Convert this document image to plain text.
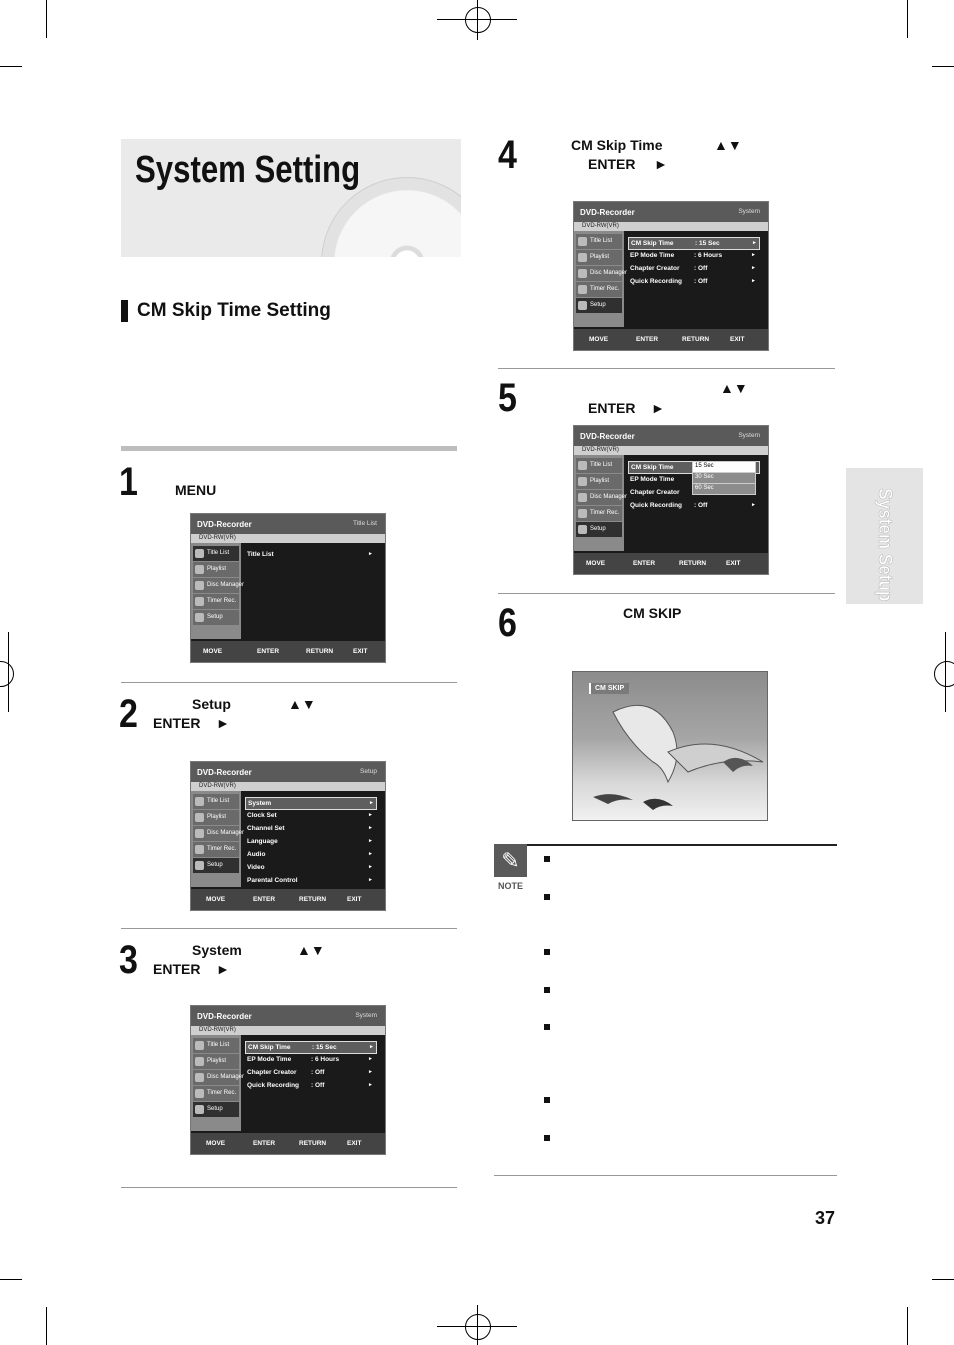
System Setting
CM Skip Time Setting
1	MENU
DVD-Recorder	Title List
DVD-RW(VR)
Title List
Playlist
Disc Manager
Timer Rec.
Setup
Title List	►
MOVE	ENTER	RETURN	EXIT
2	Setup	▲▼
ENTER ►
DVD-Recorder	Setup
DVD-RW(VR)
Title List
Playlist
Disc Manager
Timer Rec.
Setup
System	►
Clock Set	►
Channel Set	►
Language	►
Audio	►
Video	►
Parental Control	►
MOVE	ENTER	RETURN	EXIT
3	System	▲▼
ENTER ►
DVD-Recorder	System
DVD-RW(VR)
Title List
Playlist
Disc Manager
Timer Rec.
Setup
CM Skip Time	: 15 Sec	►
EP Mode Time	: 6 Hours	►
Chapter Creator : Off	►
Quick Recording : Off	►
MOVE	ENTER	RETURN	EXIT
4	CM Skip Time	▲▼
ENTER ►
DVD-Recorder	System
DVD-RW(VR)
Title List
Playlist
Disc Manager
Timer Rec.
Setup
CM Skip Time	: 15 Sec	►
EP Mode Time	: 6 Hours	►
Chapter Creator : Off	►
Quick Recording : Off	►
MOVE	ENTER	RETURN	EXIT
5	▲▼
ENTER ►
DVD-Recorder	System
DVD-RW(VR)
Title List
Playlist
Disc Manager
Timer Rec.
Setup
CM Skip Time
EP Mode Time
Chapter Creator
Quick Recording : Off	►
15 Sec
30 Sec
60 Sec
MOVE	ENTER	RETURN	EXIT
6	CM SKIP
CM SKIP
✎
NOTE
System Setup
37
